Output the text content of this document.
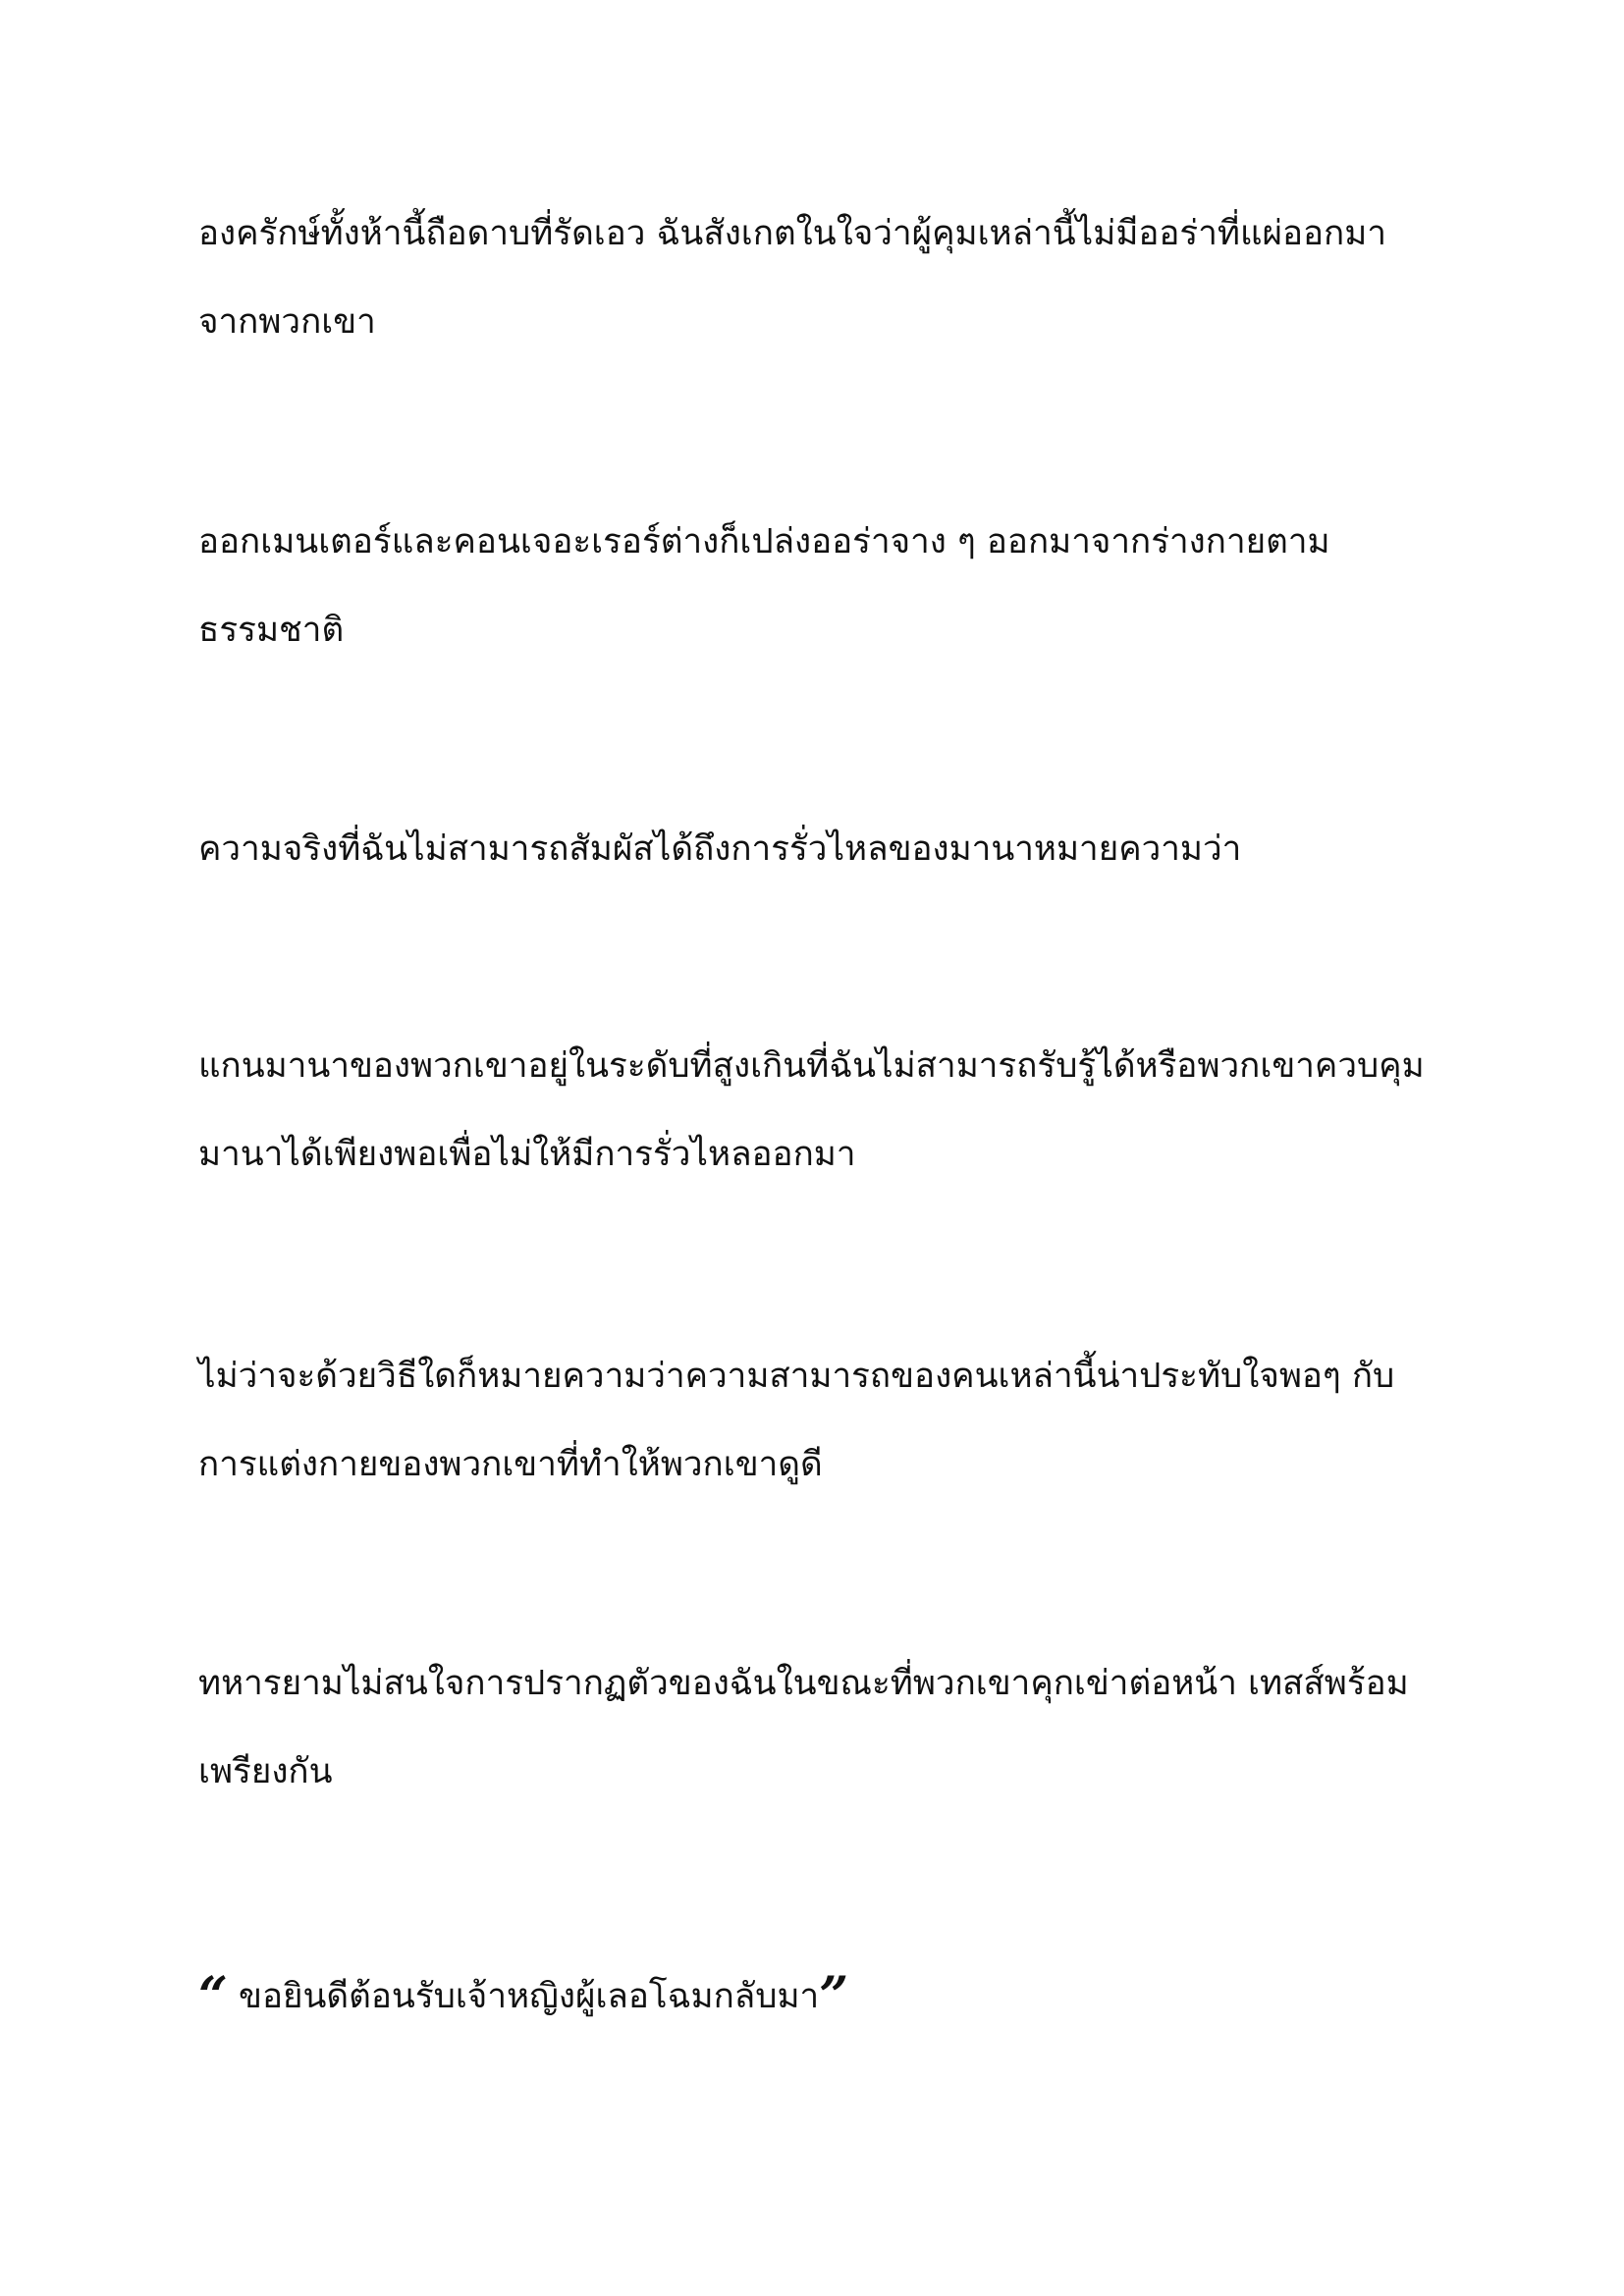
องครักษ์ทั้งห้านี้ถือดาบที่รัดเอว ฉันสังเกตในใจว่าผู้คุมเหล่านี้ไม่มีออร่าที่แผ่ออกมา
จากพวกเขา

ออกเมนเตอร์และคอนเจอะเรอร์ต่างก็เปล่งออร่าจาง ๆ ออกมาจากร่างกายตาม
ธรรมชาติ

ความจริงที่ฉันไม่สามารถสัมผัสได้ถึงการรั่วไหลของมานาหมายความว่า

แกนมานาของพวกเขาอยู่ในระดับที่สูงเกินที่ฉันไม่สามารถรับรู้ได้หรือพวกเขาควบคุม
มานาได้เพียงพอเพื่อไม่ให้มีการรั่วไหลออกมา

ไม่ว่าจะด้วยวิธีใดก็หมายความว่าความสามารถของคนเหล่านี้น่าประทับใจพอๆ กับ
การแต่งกายของพวกเขาที่ทำให้พวกเขาดูดี

ทหารยามไม่สนใจการปรากฏตัวของฉันในขณะที่พวกเขาคุกเข่าต่อหน้า เทสส์พร้อม
เพรียงกัน

“ ขอยินดีต้อนรับเจ้าหญิงผู้เลอโฉมกลับมา”
